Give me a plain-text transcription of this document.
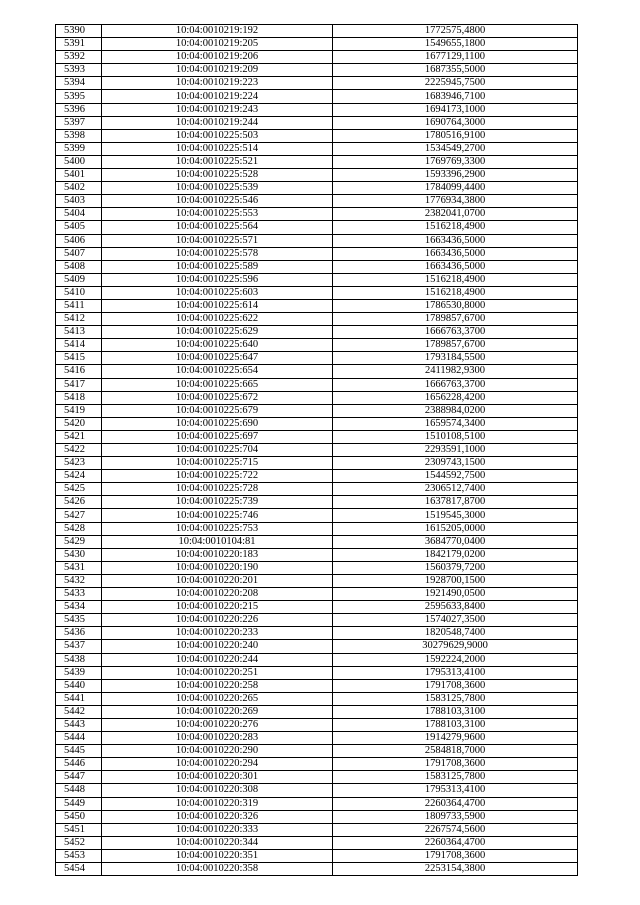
5390	10:04:0010219:192	1772575,4800
5391	10:04:0010219:205	1549655,1800
5392	10:04:0010219:206	1677129,1100
5393	10:04:0010219:209	1687355,5000
5394	10:04:0010219:223	2225945,7500
5395	10:04:0010219:224	1683946,7100
5396	10:04:0010219:243	1694173,1000
5397	10:04:0010219:244	1690764,3000
5398	10:04:0010225:503	1780516,9100
5399	10:04:0010225:514	1534549,2700
5400	10:04:0010225:521	1769769,3300
5401	10:04:0010225:528	1593396,2900
5402	10:04:0010225:539	1784099,4400
5403	10:04:0010225:546	1776934,3800
5404	10:04:0010225:553	2382041,0700
5405	10:04:0010225:564	1516218,4900
5406	10:04:0010225:571	1663436,5000
5407	10:04:0010225:578	1663436,5000
5408	10:04:0010225:589	1663436,5000
5409	10:04:0010225:596	1516218,4900
5410	10:04:0010225:603	1516218,4900
5411	10:04:0010225:614	1786530,8000
5412	10:04:0010225:622	1789857,6700
5413	10:04:0010225:629	1666763,3700
5414	10:04:0010225:640	1789857,6700
5415	10:04:0010225:647	1793184,5500
5416	10:04:0010225:654	2411982,9300
5417	10:04:0010225:665	1666763,3700
5418	10:04:0010225:672	1656228,4200
5419	10:04:0010225:679	2388984,0200
5420	10:04:0010225:690	1659574,3400
5421	10:04:0010225:697	1510108,5100
5422	10:04:0010225:704	2293591,1000
5423	10:04:0010225:715	2309743,1500
5424	10:04:0010225:722	1544592,7500
5425	10:04:0010225:728	2306512,7400
5426	10:04:0010225:739	1637817,8700
5427	10:04:0010225:746	1519545,3000
5428	10:04:0010225:753	1615205,0000
5429	10:04:0010104:81	3684770,0400
5430	10:04:0010220:183	1842179,0200
5431	10:04:0010220:190	1560379,7200
5432	10:04:0010220:201	1928700,1500
5433	10:04:0010220:208	1921490,0500
5434	10:04:0010220:215	2595633,8400
5435	10:04:0010220:226	1574027,3500
5436	10:04:0010220:233	1820548,7400
5437	10:04:0010220:240	30279629,9000
5438	10:04:0010220:244	1592224,2000
5439	10:04:0010220:251	1795313,4100
5440	10:04:0010220:258	1791708,3600
5441	10:04:0010220:265	1583125,7800
5442	10:04:0010220:269	1788103,3100
5443	10:04:0010220:276	1788103,3100
5444	10:04:0010220:283	1914279,9600
5445	10:04:0010220:290	2584818,7000
5446	10:04:0010220:294	1791708,3600
5447	10:04:0010220:301	1583125,7800
5448	10:04:0010220:308	1795313,4100
5449	10:04:0010220:319	2260364,4700
5450	10:04:0010220:326	1809733,5900
5451	10:04:0010220:333	2267574,5600
5452	10:04:0010220:344	2260364,4700
5453	10:04:0010220:351	1791708,3600
5454	10:04:0010220:358	2253154,3800
